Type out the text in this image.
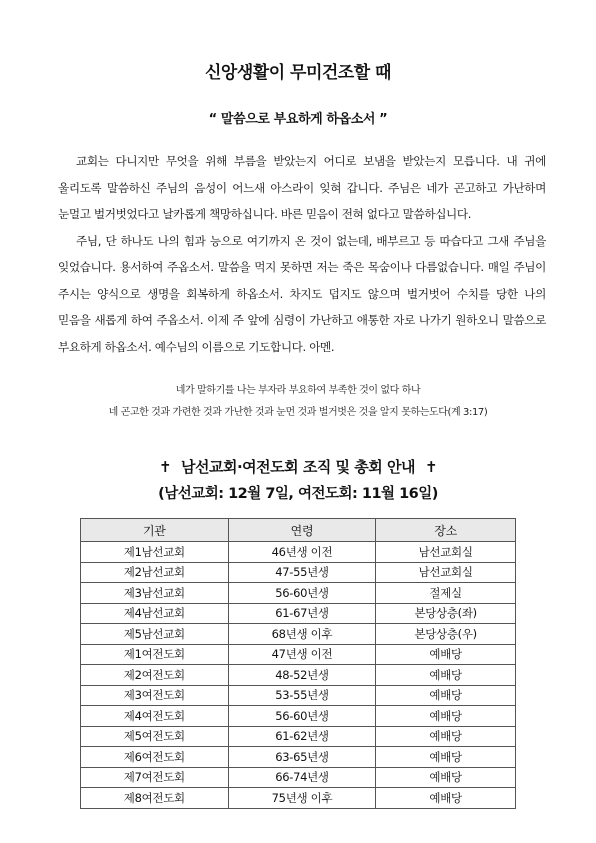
신앙생활이 무미건조할 때
“ 말씀으로 부요하게 하옵소서 ”

교회는 다니지만 무엇을 위해 부름을 받았는지 어디로 보냄을 받았는지 모릅니다. 내 귀에 울리도록 말씀하신 주님의 음성이 어느새 아스라이 잊혀 갑니다. 주님은 네가 곤고하고 가난하며 눈멀고 벌거벗었다고 날카롭게 책망하십니다. 바른 믿음이 전혀 없다고 말씀하십니다.

주님, 단 하나도 나의 힘과 능으로 여기까지 온 것이 없는데, 배부르고 등 따습다고 그새 주님을 잊었습니다. 용서하여 주옵소서. 말씀을 먹지 못하면 저는 죽은 목숨이나 다름없습니다. 매일 주님이 주시는 양식으로 생명을 회복하게 하옵소서. 차지도 덥지도 않으며 벌거벗어 수치를 당한 나의 믿음을 새롭게 하여 주옵소서. 이제 주 앞에 심령이 가난하고 애통한 자로 나가기 원하오니 말씀으로 부요하게 하옵소서. 예수님의 이름으로 기도합니다. 아멘.

네가 말하기를 나는 부자라 부요하여 부족한 것이 없다 하나
네 곤고한 것과 가련한 것과 가난한 것과 눈먼 것과 벌거벗은 것을 알지 못하는도다(계 3:17)
✝ 남선교회·여전도회 조직 및 총회 안내 ✝
(남선교회: 12월 7일, 여전도회: 11월 16일)
기관	연령	장소
제1남선교회	46년생 이전	남선교회실
제2남선교회	47-55년생	남선교회실
제3남선교회	56-60년생	절제실
제4남선교회	61-67년생	본당상층(좌)
제5남선교회	68년생 이후	본당상층(우)
제1여전도회	47년생 이전	예배당
제2여전도회	48-52년생	예배당
제3여전도회	53-55년생	예배당
제4여전도회	56-60년생	예배당
제5여전도회	61-62년생	예배당
제6여전도회	63-65년생	예배당
제7여전도회	66-74년생	예배당
제8여전도회	75년생 이후	예배당
